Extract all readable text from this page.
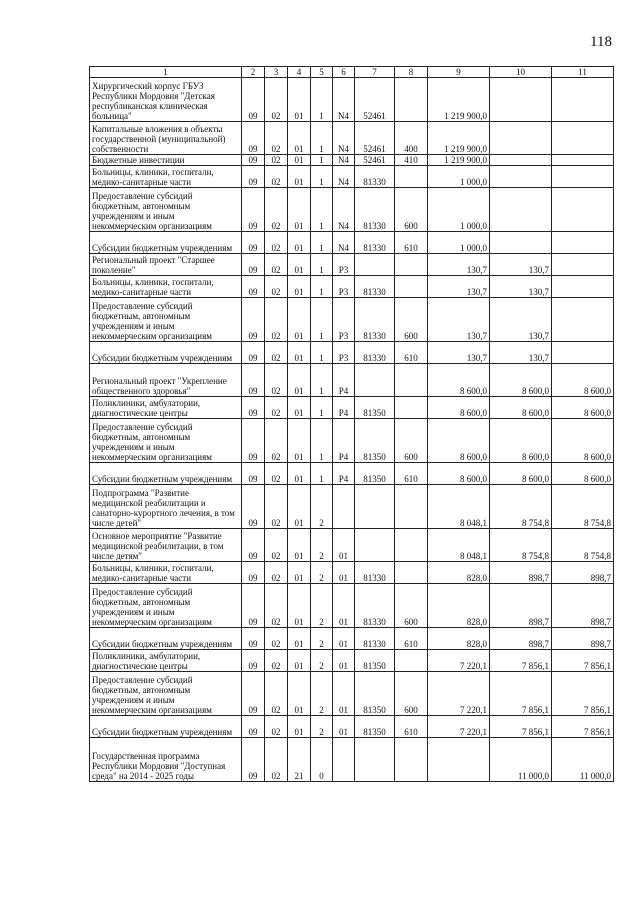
118
1	2	3	4	5	6	7	8	9	10	11
Хирургический корпус ГБУЗ Республики Мордовия "Детская республиканская клиническая больница"	09	02	01	1	N4	52461		1 219 900,0		
Капитальные вложения в объекты государственной (муниципальной) собственности	09	02	01	1	N4	52461	400	1 219 900,0		
Бюджетные инвестиции	09	02	01	1	N4	52461	410	1 219 900,0		
Больницы, клиники, госпитали, медико-санитарные части	09	02	01	1	N4	81330		1 000,0		
Предоставление субсидий бюджетным, автономным учреждениям и иным некоммерческим организациям	09	02	01	1	N4	81330	600	1 000,0		
Субсидии бюджетным учреждениям	09	02	01	1	N4	81330	610	1 000,0		
Региональный проект "Старшее поколение"	09	02	01	1	P3			130,7	130,7	
Больницы, клиники, госпитали, медико-санитарные части	09	02	01	1	P3	81330		130,7	130,7	
Предоставление субсидий бюджетным, автономным учреждениям и иным некоммерческим организациям	09	02	01	1	P3	81330	600	130,7	130,7	
Субсидии бюджетным учреждениям	09	02	01	1	P3	81330	610	130,7	130,7	
Региональный проект "Укрепление общественного здоровья"	09	02	01	1	P4			8 600,0	8 600,0	8 600,0
Поликлиники, амбулатории, диагностические центры	09	02	01	1	P4	81350		8 600,0	8 600,0	8 600,0
Предоставление субсидий бюджетным, автономным учреждениям и иным некоммерческим организациям	09	02	01	1	P4	81350	600	8 600,0	8 600,0	8 600,0
Субсидии бюджетным учреждениям	09	02	01	1	P4	81350	610	8 600,0	8 600,0	8 600,0
Подпрограмма "Развитие медицинской реабилитации и санаторно-курортного лечения, в том числе детей"	09	02	01	2				8 048,1	8 754,8	8 754,8
Основное мероприятие "Развитие медицинской реабилитации, в том числе детям"	09	02	01	2	01			8 048,1	8 754,8	8 754,8
Больницы, клиники, госпитали, медико-санитарные части	09	02	01	2	01	81330		828,0	898,7	898,7
Предоставление субсидий бюджетным, автономным учреждениям и иным некоммерческим организациям	09	02	01	2	01	81330	600	828,0	898,7	898,7
Субсидии бюджетным учреждениям	09	02	01	2	01	81330	610	828,0	898,7	898,7
Поликлиники, амбулатории, диагностические центры	09	02	01	2	01	81350		7 220,1	7 856,1	7 856,1
Предоставление субсидий бюджетным, автономным учреждениям и иным некоммерческим организациям	09	02	01	2	01	81350	600	7 220,1	7 856,1	7 856,1
Субсидии бюджетным учреждениям	09	02	01	2	01	81350	610	7 220,1	7 856,1	7 856,1
Государственная программа Республики Мордовия "Доступная среда" на 2014 - 2025 годы	09	02	21	0					11 000,0	11 000,0
